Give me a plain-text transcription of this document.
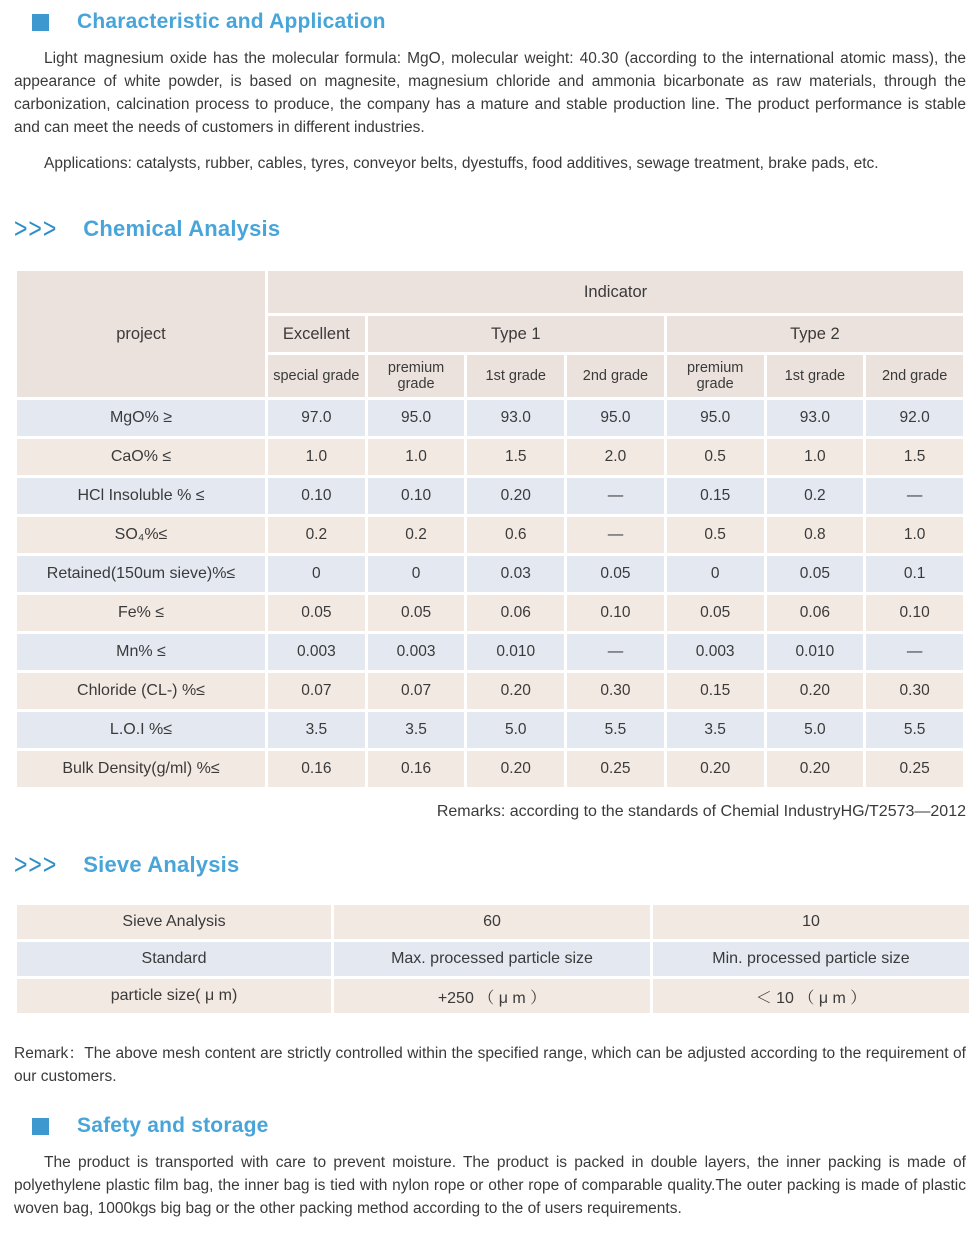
Characteristic and Application

Light magnesium oxide has the molecular formula: MgO, molecular weight: 40.30 (according to the international atomic mass), the appearance of white powder, is based on magnesite, magnesium chloride and ammonia bicarbonate as raw materials, through the carbonization, calcination process to produce, the company has a mature and stable production line. The product performance is stable and can meet the needs of customers in different industries.

Applications: catalysts, rubber, cables, tyres, conveyor belts, dyestuffs, food additives, sewage treatment, brake pads, etc.

>>> Chemical Analysis
project	Indicator						
	Excellent	Type 1			Type 2		
	special grade	premium grade	1st grade	2nd grade	premium grade	1st grade	2nd grade
MgO% ≥	97.0	95.0	93.0	95.0	95.0	93.0	92.0
CaO% ≤	1.0	1.0	1.5	2.0	0.5	1.0	1.5
HCl Insoluble % ≤	0.10	0.10	0.20	—	0.15	0.2	—
SO₄%≤	0.2	0.2	0.6	—	0.5	0.8	1.0
Retained(150um sieve)%≤	0	0	0.03	0.05	0	0.05	0.1
Fe% ≤	0.05	0.05	0.06	0.10	0.05	0.06	0.10
Mn% ≤	0.003	0.003	0.010	—	0.003	0.010	—
Chloride (CL-) %≤	0.07	0.07	0.20	0.30	0.15	0.20	0.30
L.O.I %≤	3.5	3.5	5.0	5.5	3.5	5.0	5.5
Bulk Density(g/ml) %≤	0.16	0.16	0.20	0.25	0.20	0.20	0.25
Remarks: according to the standards of Chemial IndustryHG/T2573—2012
>>> Sieve Analysis
Sieve Analysis	60	10
Standard	Max. processed particle size	Min. processed particle size
particle size( μ m)	+250 （ μ m ）	＜ 10 （ μ m ）

Remark：The above mesh content are strictly controlled within the specified range, which can be adjusted according to the requirement of our customers.

Safety and storage

The product is transported with care to prevent moisture. The product is packed in double layers, the inner packing is made of polyethylene plastic film bag, the inner bag is tied with nylon rope or other rope of comparable quality.The outer packing is made of plastic woven bag, 1000kgs big bag or the other packing method according to the of users requirements.
